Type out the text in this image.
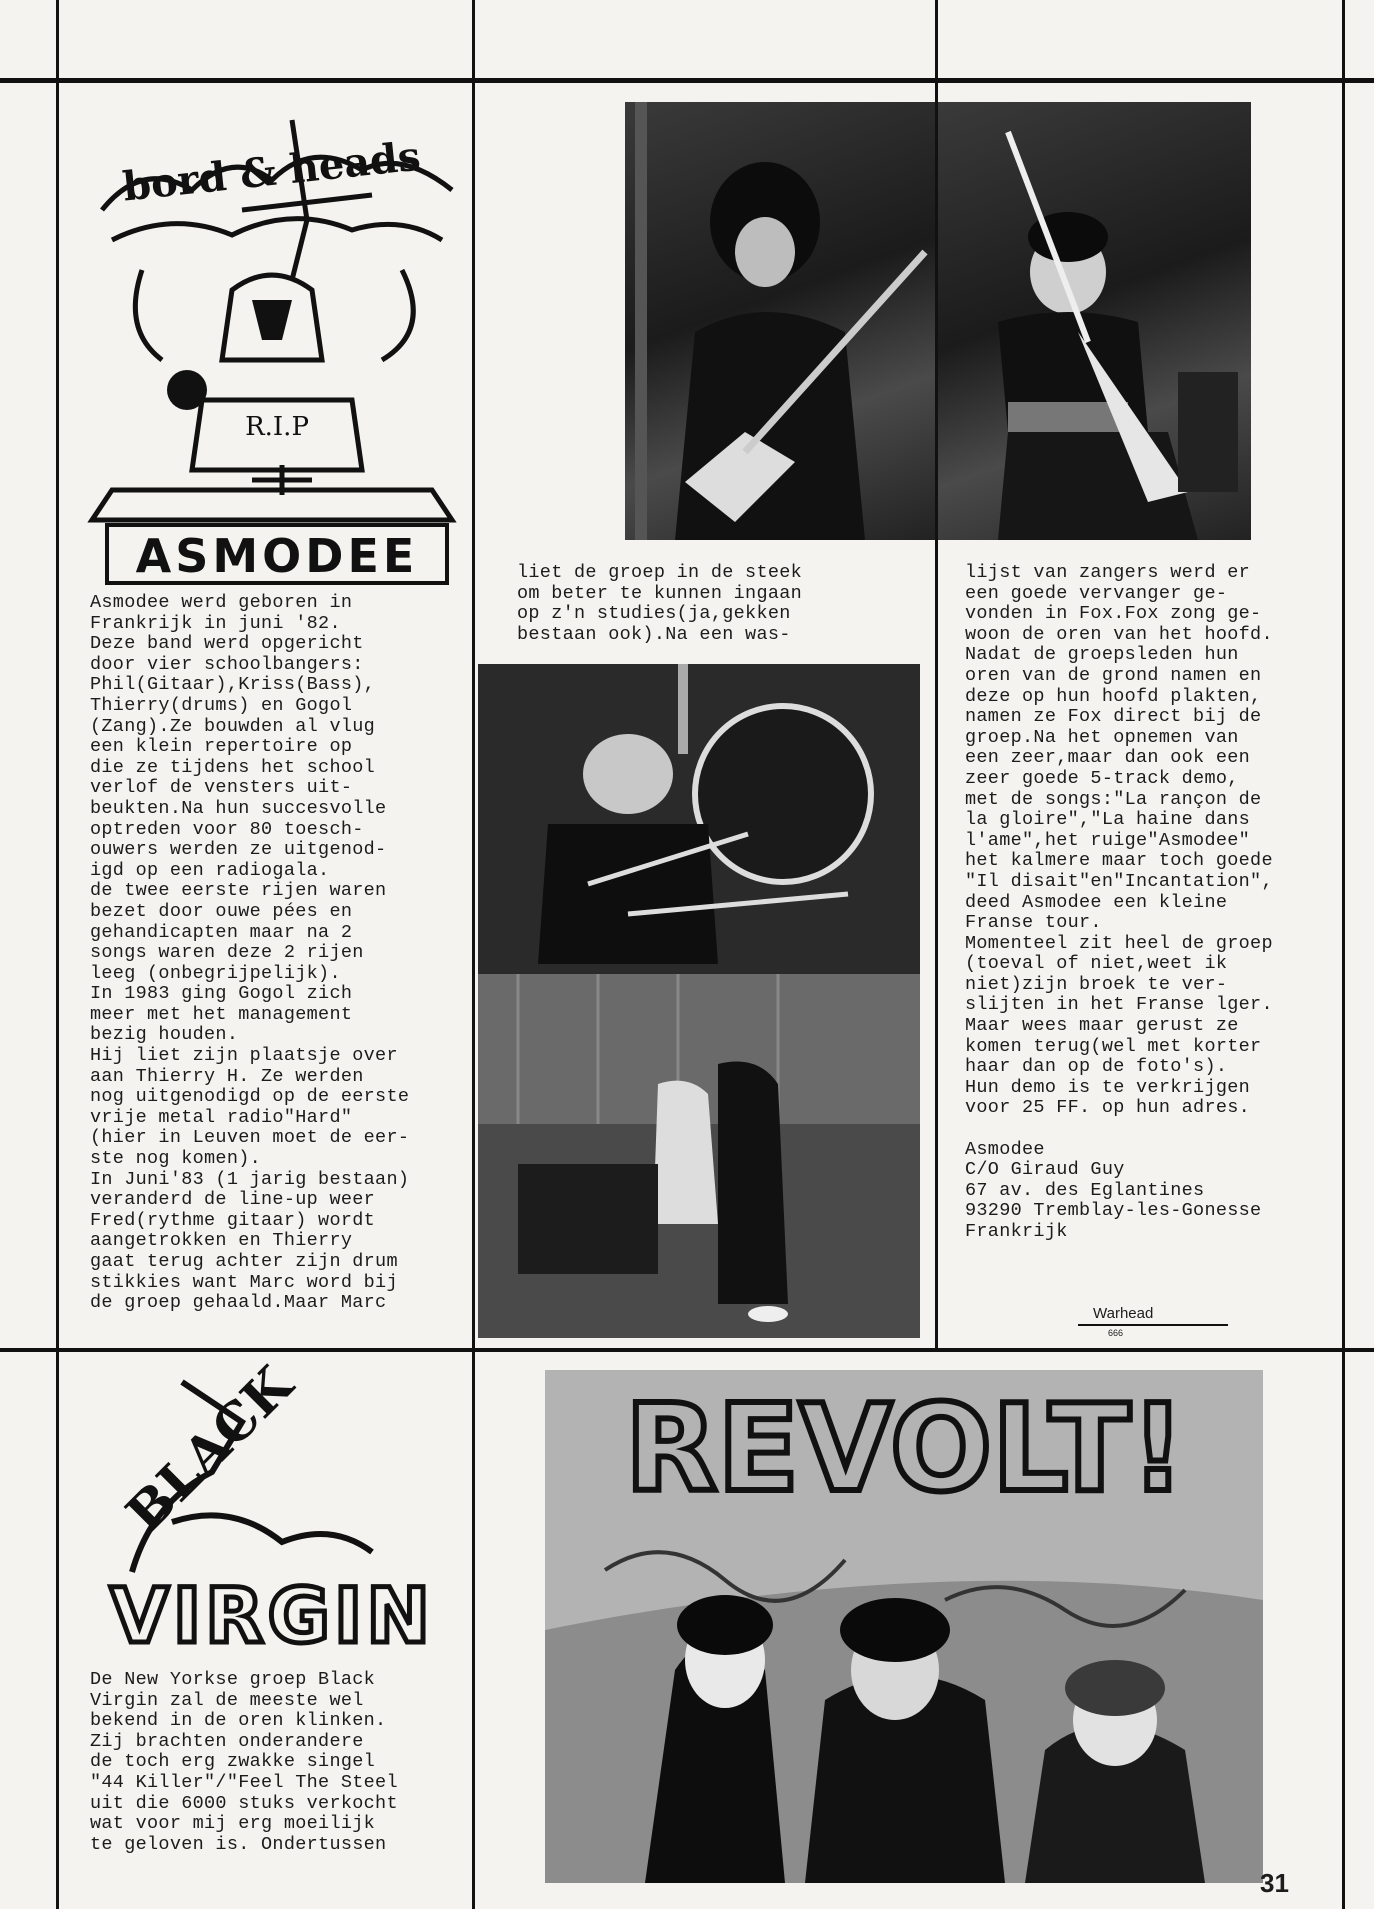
bord & heads
R.I.P
ASMODEE
Asmodee werd geboren in
Frankrijk in juni '82.
Deze band werd opgericht
door vier schoolbangers:
Phil(Gitaar),Kriss(Bass),
Thierry(drums) en Gogol
(Zang).Ze bouwden al vlug
een klein repertoire op
die ze tijdens het school
verlof de vensters uit-
beukten.Na hun succesvolle
optreden voor 80 toesch-
ouwers werden ze uitgenod-
igd op een radiogala.
de twee eerste rijen waren
bezet door ouwe pées en
gehandicapten maar na 2
songs waren deze 2 rijen
leeg (onbegrijpelijk).
In 1983 ging Gogol zich
meer met het management
bezig houden.
Hij liet zijn plaatsje over
aan Thierry H. Ze werden
nog uitgenodigd op de eerste
vrije metal radio"Hard"
(hier in Leuven moet de eer-
ste nog komen).
In Juni'83 (1 jarig bestaan)
veranderd de line-up weer
Fred(rythme gitaar) wordt
aangetrokken en Thierry
gaat terug achter zijn drum
stikkies want Marc word bij
de groep gehaald.Maar Marc
liet de groep in de steek
om beter te kunnen ingaan
op z'n studies(ja,gekken
bestaan ook).Na een was-
lijst van zangers werd er
een goede vervanger ge-
vonden in Fox.Fox zong ge-
woon de oren van het hoofd.
Nadat de groepsleden hun
oren van de grond namen en
deze op hun hoofd plakten,
namen ze Fox direct bij de
groep.Na het opnemen van
een zeer,maar dan ook een
zeer goede 5-track demo,
met de songs:"La rançon de
la gloire","La haine dans
l'ame",het ruige"Asmodee"
het kalmere maar toch goede
"Il disait"en"Incantation",
deed Asmodee een kleine
Franse tour.
Momenteel zit heel de groep
(toeval of niet,weet ik
niet)zijn broek te ver-
slijten in het Franse lger.
Maar wees maar gerust ze
komen terug(wel met korter
haar dan op de foto's).
Hun demo is te verkrijgen
voor 25 FF. op hun adres.

Asmodee
C/O Giraud Guy
67 av. des Eglantines
93290 Tremblay-les-Gonesse
Frankrijk
Warhead
666
BLACK
VIRGIN
De New Yorkse groep Black
Virgin zal de meeste wel
bekend in de oren klinken.
Zij brachten onderandere
de toch erg zwakke singel
"44 Killer"/"Feel The Steel
uit die 6000 stuks verkocht
wat voor mij erg moeilijk
te geloven is. Ondertussen
REVOLT!
31
